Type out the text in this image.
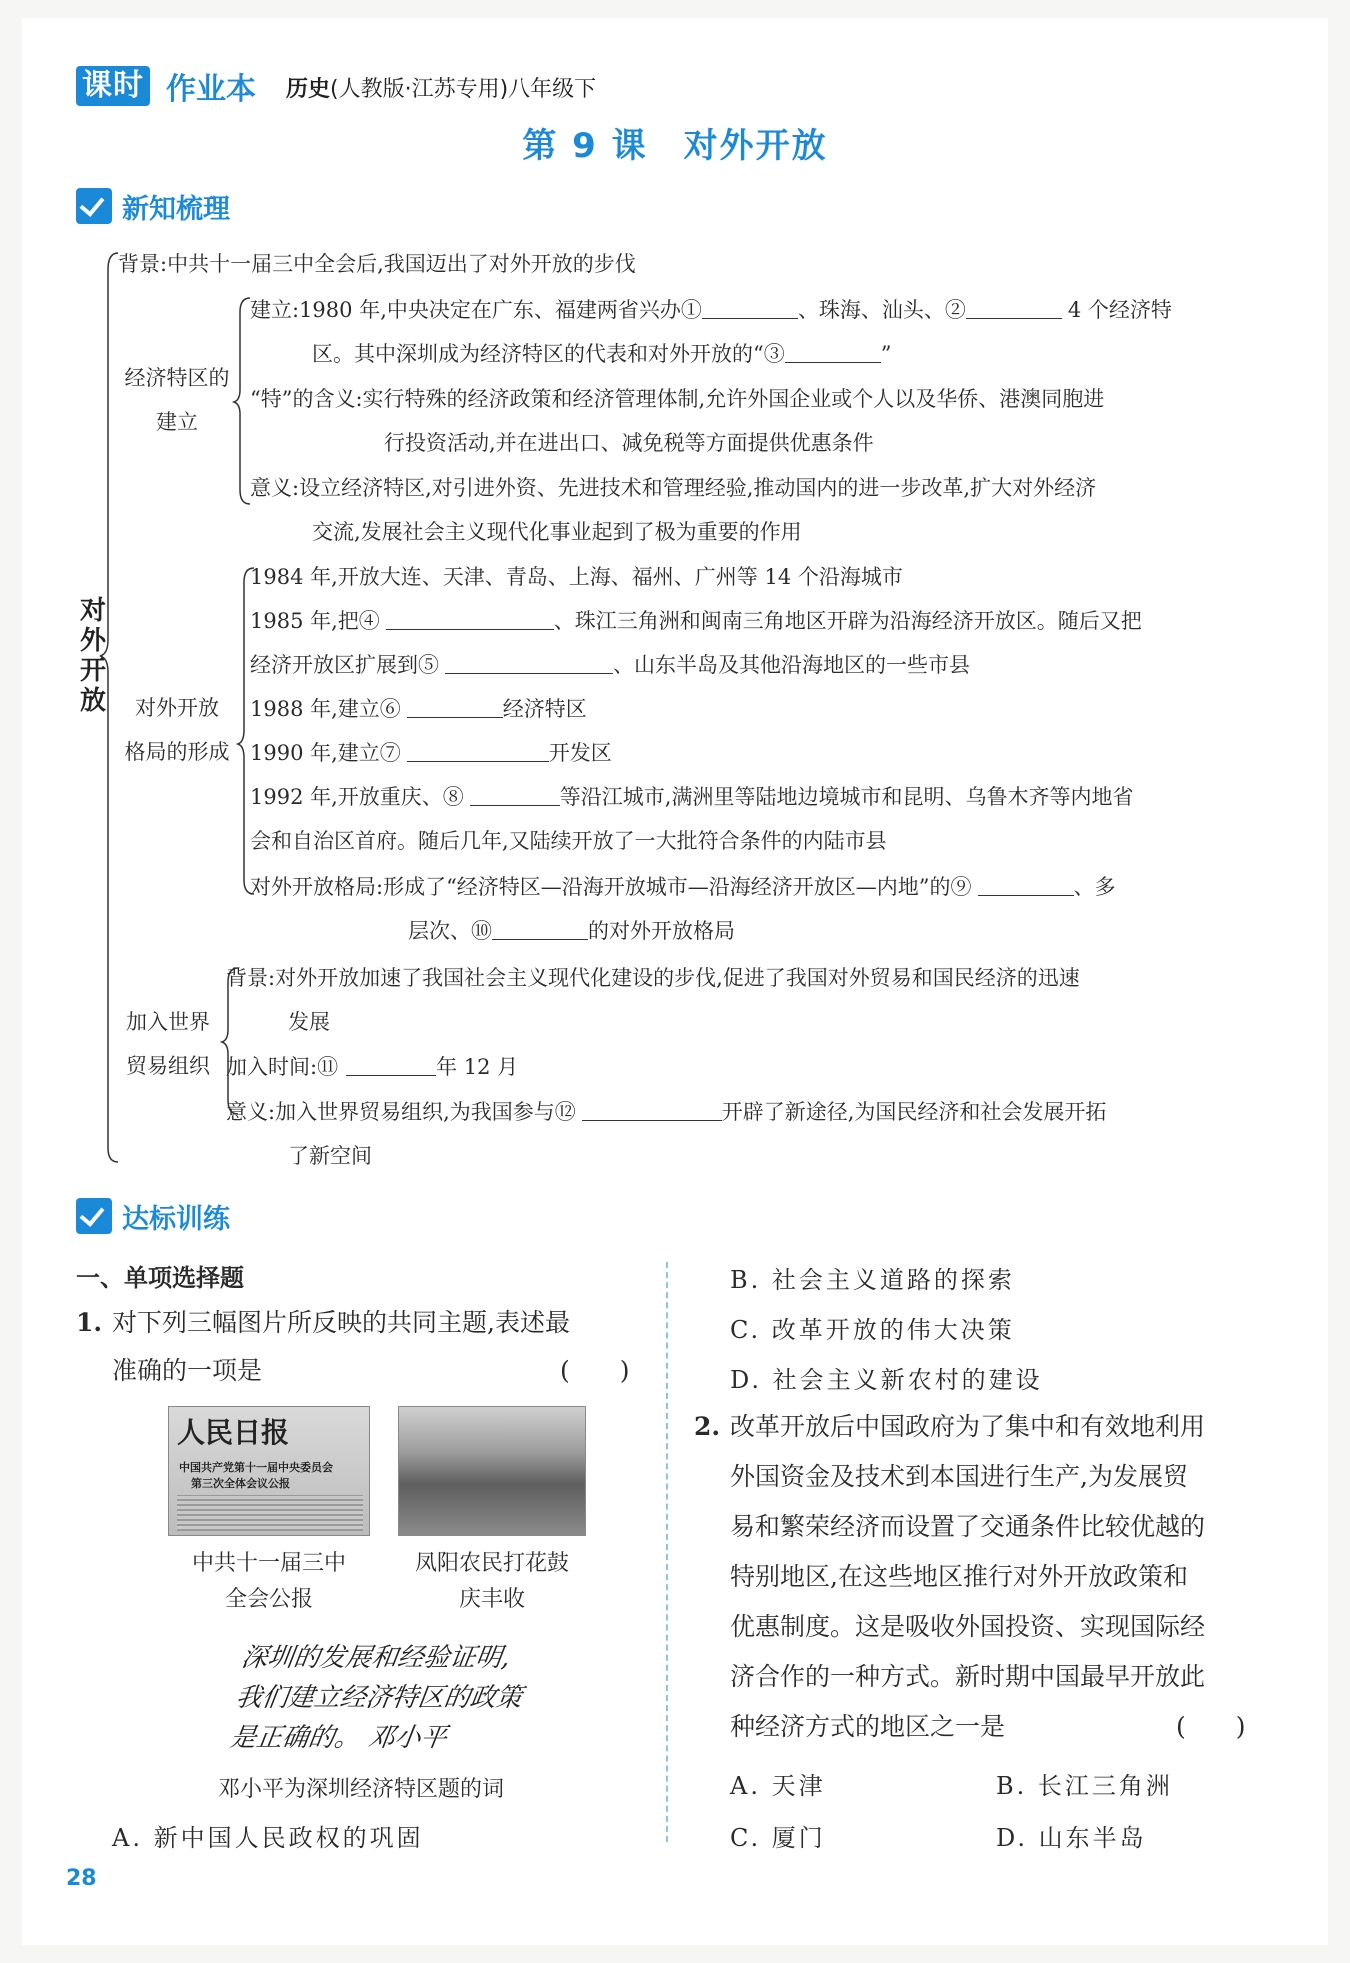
课时 作业本 历史(人教版·江苏专用)八年级下
第 9 课　对外开放
新知梳理
对外开放
背景:中共十一届三中全会后,我国迈出了对外开放的步伐
经济特区的
建立
建立:1980 年,中央决定在广东、福建两省兴办①	、珠海、汕头、②	4 个经济特
区。其中深圳成为经济特区的代表和对外开放的“③	”
“特”的含义:实行特殊的经济政策和经济管理体制,允许外国企业或个人以及华侨、港澳同胞进
行投资活动,并在进出口、减免税等方面提供优惠条件
意义:设立经济特区,对引进外资、先进技术和管理经验,推动国内的进一步改革,扩大对外经济
交流,发展社会主义现代化事业起到了极为重要的作用
对外开放
格局的形成
1984 年,开放大连、天津、青岛、上海、福州、广州等 14 个沿海城市
1985 年,把④	、珠江三角洲和闽南三角地区开辟为沿海经济开放区。随后又把
经济开放区扩展到⑤	、山东半岛及其他沿海地区的一些市县
1988 年,建立⑥	经济特区
1990 年,建立⑦	开发区
1992 年,开放重庆、⑧	等沿江城市,满洲里等陆地边境城市和昆明、乌鲁木齐等内地省
会和自治区首府。随后几年,又陆续开放了一大批符合条件的内陆市县
对外开放格局:形成了“经济特区—沿海开放城市—沿海经济开放区—内地”的⑨	、多
层次、⑩	的对外开放格局
加入世界
贸易组织
背景:对外开放加速了我国社会主义现代化建设的步伐,促进了我国对外贸易和国民经济的迅速
发展
加入时间:⑪	年 12 月
意义:加入世界贸易组织,为我国参与⑫	开辟了新途径,为国民经济和社会发展开拓
了新空间
达标训练
一、单项选择题
1. 对下列三幅图片所反映的共同主题,表述最
准确的一项是	(　　)
人民日报
中国共产党第十一届中央委员会
第三次全体会议公报
中共十一届三中
全会公报
凤阳农民打花鼓
庆丰收
深圳的发展和经验证明,
我们建立经济特区的政策
是正确的。 邓小平
邓小平为深圳经济特区题的词
A. 新中国人民政权的巩固
B. 社会主义道路的探索
C. 改革开放的伟大决策
D. 社会主义新农村的建设
2. 改革开放后中国政府为了集中和有效地利用
外国资金及技术到本国进行生产,为发展贸
易和繁荣经济而设置了交通条件比较优越的
特别地区,在这些地区推行对外开放政策和
优惠制度。这是吸收外国投资、实现国际经
济合作的一种方式。新时期中国最早开放此
种经济方式的地区之一是	(　　)
A. 天津	B. 长江三角洲
C. 厦门	D. 山东半岛
28
